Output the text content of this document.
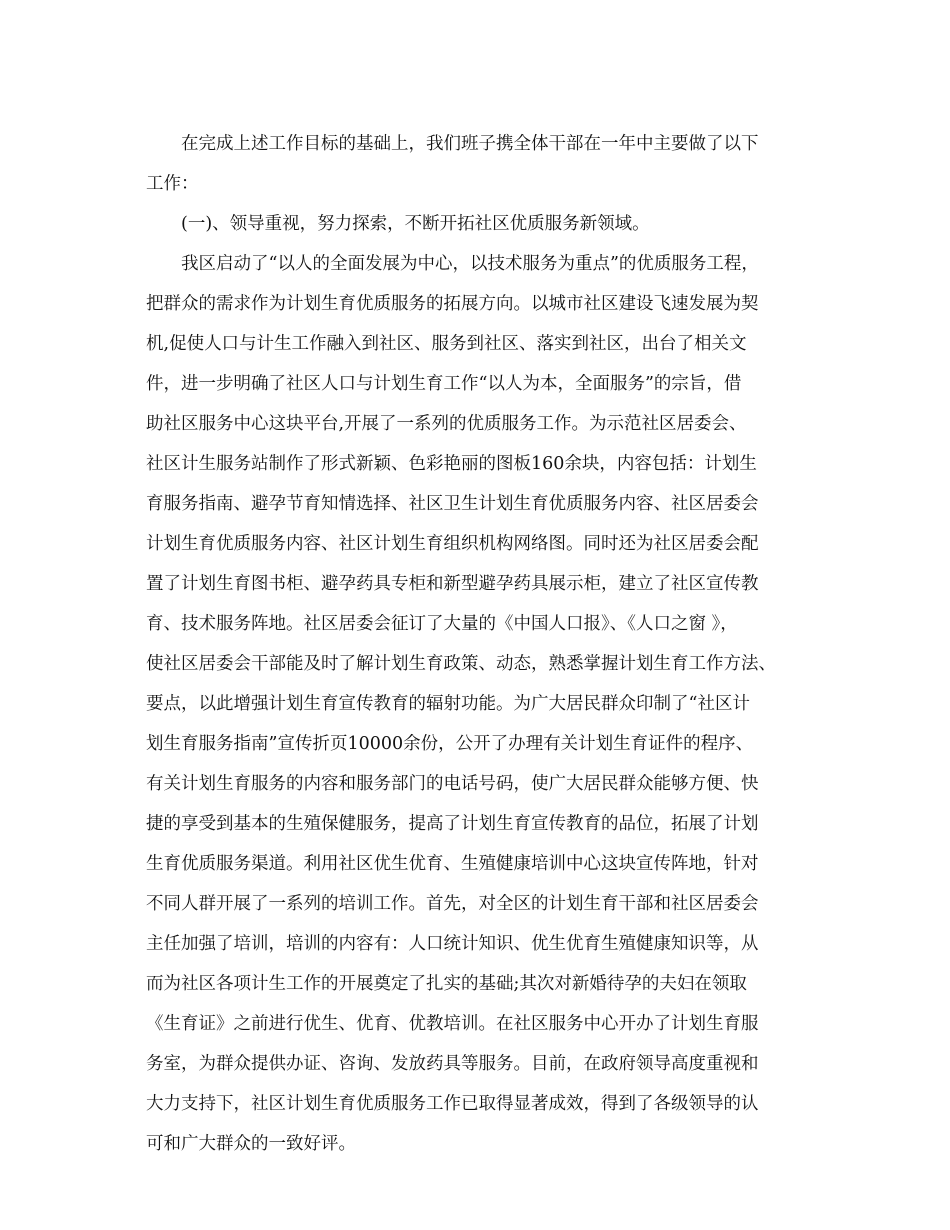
　　在完成上述工作目标的基础上，我们班子携全体干部在一年中主要做了以下
工作：
　　(一)、领导重视，努力探索，不断开拓社区优质服务新领域。
　　我区启动了“以人的全面发展为中心，以技术服务为重点”的优质服务工程，
把群众的需求作为计划生育优质服务的拓展方向。以城市社区建设飞速发展为契
机,促使人口与计生工作融入到社区、服务到社区、落实到社区，出台了相关文
件，进一步明确了社区人口与计划生育工作“以人为本，全面服务”的宗旨，借
助社区服务中心这块平台,开展了一系列的优质服务工作。为示范社区居委会、
社区计生服务站制作了形式新颖、色彩艳丽的图板160余块，内容包括：计划生
育服务指南、避孕节育知情选择、社区卫生计划生育优质服务内容、社区居委会
计划生育优质服务内容、社区计划生育组织机构网络图。同时还为社区居委会配
置了计划生育图书柜、避孕药具专柜和新型避孕药具展示柜，建立了社区宣传教
育、技术服务阵地。社区居委会征订了大量的《中国人口报》、《人口之窗 》，
使社区居委会干部能及时了解计划生育政策、动态，熟悉掌握计划生育工作方法、
要点，以此增强计划生育宣传教育的辐射功能。为广大居民群众印制了“社区计
划生育服务指南”宣传折页10000余份，公开了办理有关计划生育证件的程序、
有关计划生育服务的内容和服务部门的电话号码，使广大居民群众能够方便、快
捷的享受到基本的生殖保健服务，提高了计划生育宣传教育的品位，拓展了计划
生育优质服务渠道。利用社区优生优育、生殖健康培训中心这块宣传阵地，针对
不同人群开展了一系列的培训工作。首先，对全区的计划生育干部和社区居委会
主任加强了培训，培训的内容有：人口统计知识、优生优育生殖健康知识等，从
而为社区各项计生工作的开展奠定了扎实的基础;其次对新婚待孕的夫妇在领取
《生育证》之前进行优生、优育、优教培训。在社区服务中心开办了计划生育服
务室，为群众提供办证、咨询、发放药具等服务。目前，在政府领导高度重视和
大力支持下，社区计划生育优质服务工作已取得显著成效，得到了各级领导的认
可和广大群众的一致好评。
